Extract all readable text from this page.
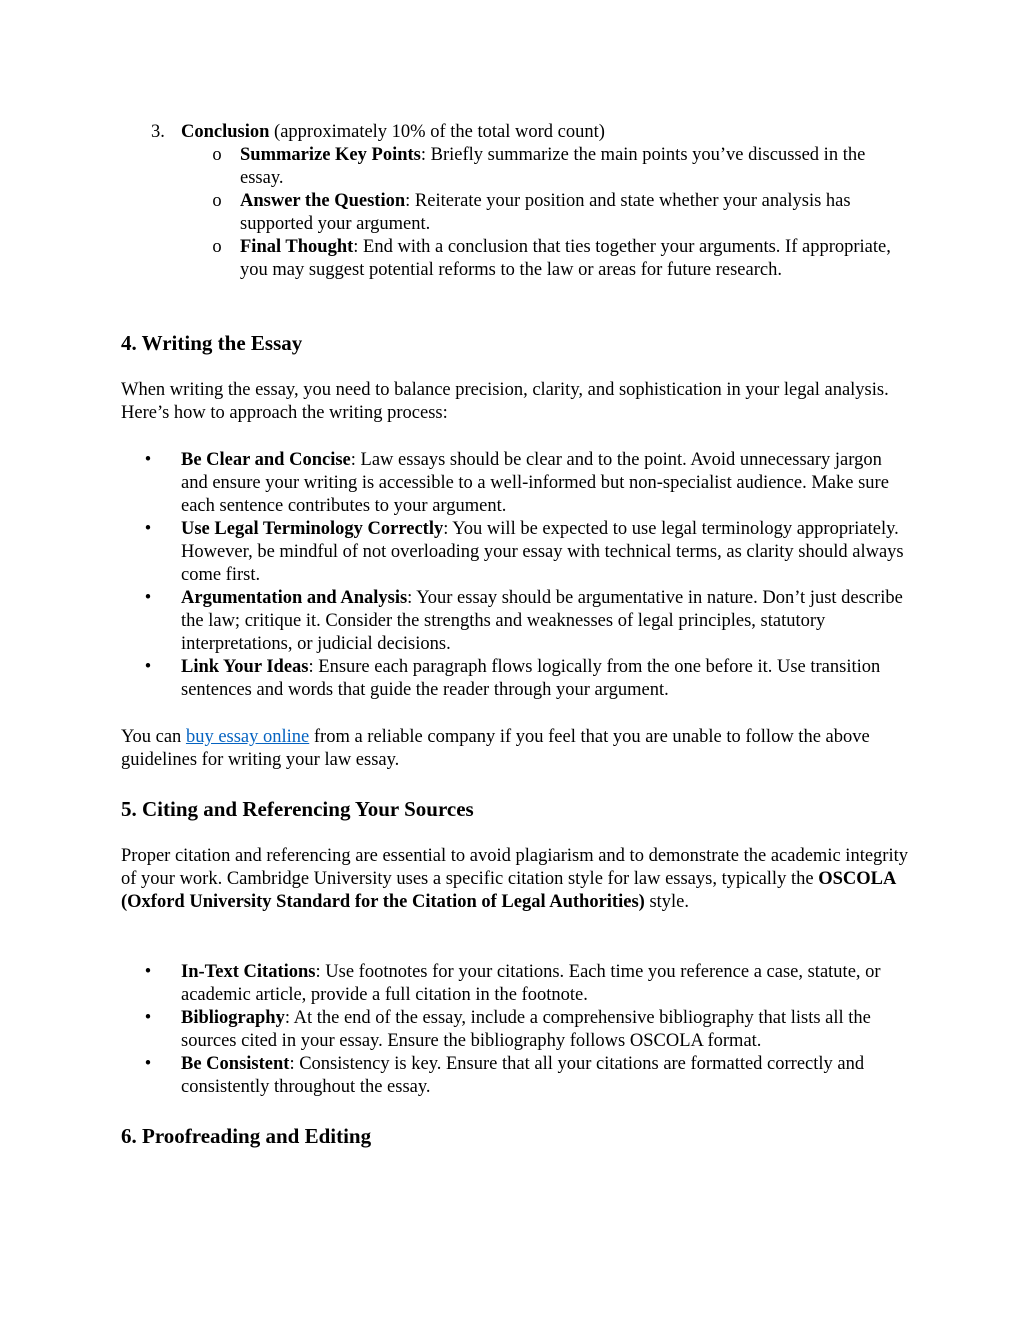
3. Conclusion (approximately 10% of the total word count)
o Summarize Key Points: Briefly summarize the main points you’ve discussed in the essay.
o Answer the Question: Reiterate your position and state whether your analysis has supported your argument.
o Final Thought: End with a conclusion that ties together your arguments. If appropriate, you may suggest potential reforms to the law or areas for future research.
4. Writing the Essay

When writing the essay, you need to balance precision, clarity, and sophistication in your legal analysis. Here’s how to approach the writing process:

• Be Clear and Concise: Law essays should be clear and to the point. Avoid unnecessary jargon and ensure your writing is accessible to a well-informed but non-specialist audience. Make sure each sentence contributes to your argument.
• Use Legal Terminology Correctly: You will be expected to use legal terminology appropriately. However, be mindful of not overloading your essay with technical terms, as clarity should always come first.
• Argumentation and Analysis: Your essay should be argumentative in nature. Don’t just describe the law; critique it. Consider the strengths and weaknesses of legal principles, statutory interpretations, or judicial decisions.
• Link Your Ideas: Ensure each paragraph flows logically from the one before it. Use transition sentences and words that guide the reader through your argument.

You can buy essay online from a reliable company if you feel that you are unable to follow the above guidelines for writing your law essay.

5. Citing and Referencing Your Sources

Proper citation and referencing are essential to avoid plagiarism and to demonstrate the academic integrity of your work. Cambridge University uses a specific citation style for law essays, typically the OSCOLA (Oxford University Standard for the Citation of Legal Authorities) style.

• In-Text Citations: Use footnotes for your citations. Each time you reference a case, statute, or academic article, provide a full citation in the footnote.
• Bibliography: At the end of the essay, include a comprehensive bibliography that lists all the sources cited in your essay. Ensure the bibliography follows OSCOLA format.
• Be Consistent: Consistency is key. Ensure that all your citations are formatted correctly and consistently throughout the essay.
6. Proofreading and Editing
